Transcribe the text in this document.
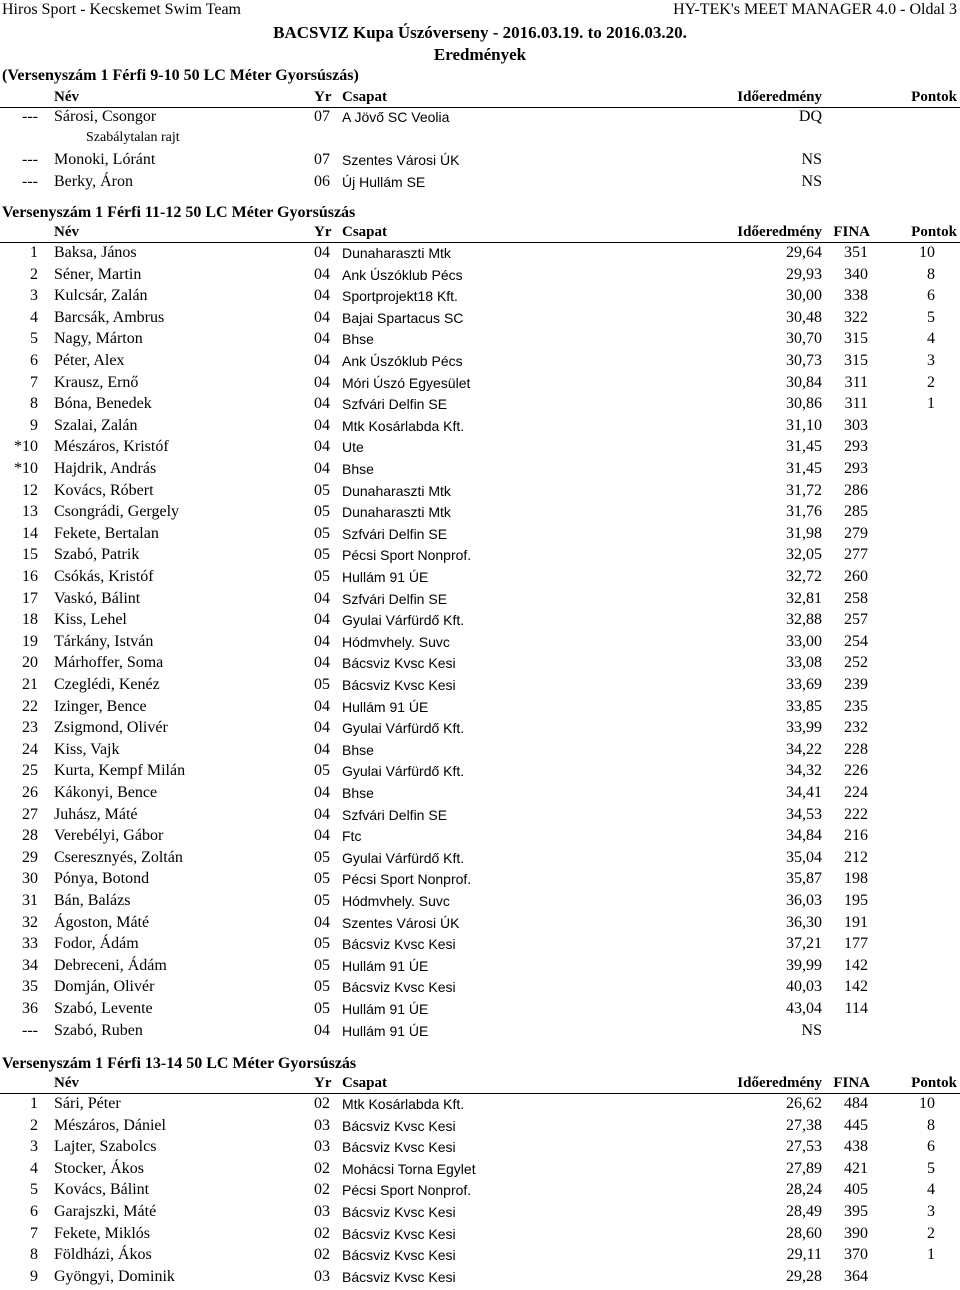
Hiros Sport - Kecskemet Swim Team	HY-TEK's MEET MANAGER 4.0 - Oldal 3
BACSVIZ Kupa Úszóverseny - 2016.03.19. to 2016.03.20.
Eredmények
(Versenyszám 1 Férfi 9-10 50 LC Méter Gyorsúszás)
Név	Yr Csapat	Időeredmény	Pontok
--- Sárosi, Csongor	07 A Jövő SC Veolia	DQ
Szabálytalan rajt
--- Monoki, Lóránt	07 Szentes Városi ÚK	NS
--- Berky, Áron	06 Új Hullám SE	NS
Versenyszám 1 Férfi 11-12 50 LC Méter Gyorsúszás
Név	Yr Csapat	Időeredmény FINA	Pontok
1 Baksa, János	04 Dunaharaszti Mtk	29,64 351	10
2 Séner, Martin	04 Ank Úszóklub Pécs	29,93 340	8
3 Kulcsár, Zalán	04 Sportprojekt18 Kft.	30,00 338	6
4 Barcsák, Ambrus	04 Bajai Spartacus SC	30,48 322	5
5 Nagy, Márton	04 Bhse	30,70 315	4
6 Péter, Alex	04 Ank Úszóklub Pécs	30,73 315	3
7 Krausz, Ernő	04 Móri Úszó Egyesület	30,84 311	2
8 Bóna, Benedek	04 Szfvári Delfin SE	30,86 311	1
9 Szalai, Zalán	04 Mtk Kosárlabda Kft.	31,10 303
*10 Mészáros, Kristóf	04 Ute	31,45 293
*10 Hajdrik, András	04 Bhse	31,45 293
12 Kovács, Róbert	05 Dunaharaszti Mtk	31,72 286
13 Csongrádi, Gergely	05 Dunaharaszti Mtk	31,76 285
14 Fekete, Bertalan	05 Szfvári Delfin SE	31,98 279
15 Szabó, Patrik	05 Pécsi Sport Nonprof.	32,05 277
16 Csókás, Kristóf	05 Hullám 91 ÚE	32,72 260
17 Vaskó, Bálint	04 Szfvári Delfin SE	32,81 258
18 Kiss, Lehel	04 Gyulai Várfürdő Kft.	32,88 257
19 Tárkány, István	04 Hódmvhely. Suvc	33,00 254
20 Márhoffer, Soma	04 Bácsviz Kvsc Kesi	33,08 252
21 Czeglédi, Kenéz	05 Bácsviz Kvsc Kesi	33,69 239
22 Izinger, Bence	04 Hullám 91 ÚE	33,85 235
23 Zsigmond, Olivér	04 Gyulai Várfürdő Kft.	33,99 232
24 Kiss, Vajk	04 Bhse	34,22 228
25 Kurta, Kempf Milán	05 Gyulai Várfürdő Kft.	34,32 226
26 Kákonyi, Bence	04 Bhse	34,41 224
27 Juhász, Máté	04 Szfvári Delfin SE	34,53 222
28 Verebélyi, Gábor	04 Ftc	34,84 216
29 Cseresznyés, Zoltán	05 Gyulai Várfürdő Kft.	35,04 212
30 Pónya, Botond	05 Pécsi Sport Nonprof.	35,87 198
31 Bán, Balázs	05 Hódmvhely. Suvc	36,03 195
32 Ágoston, Máté	04 Szentes Városi ÚK	36,30 191
33 Fodor, Ádám	05 Bácsviz Kvsc Kesi	37,21 177
34 Debreceni, Ádám	05 Hullám 91 ÚE	39,99 142
35 Domján, Olivér	05 Bácsviz Kvsc Kesi	40,03 142
36 Szabó, Levente	05 Hullám 91 ÚE	43,04 114
--- Szabó, Ruben	04 Hullám 91 ÚE	NS
Versenyszám 1 Férfi 13-14 50 LC Méter Gyorsúszás
Név	Yr Csapat	Időeredmény FINA	Pontok
1 Sári, Péter	02 Mtk Kosárlabda Kft.	26,62 484	10
2 Mészáros, Dániel	03 Bácsviz Kvsc Kesi	27,38 445	8
3 Lajter, Szabolcs	03 Bácsviz Kvsc Kesi	27,53 438	6
4 Stocker, Ákos	02 Mohácsi Torna Egylet	27,89 421	5
5 Kovács, Bálint	02 Pécsi Sport Nonprof.	28,24 405	4
6 Garajszki, Máté	03 Bácsviz Kvsc Kesi	28,49 395	3
7 Fekete, Miklós	02 Bácsviz Kvsc Kesi	28,60 390	2
8 Földházi, Ákos	02 Bácsviz Kvsc Kesi	29,11 370	1
9 Gyöngyi, Dominik	03 Bácsviz Kvsc Kesi	29,28 364
